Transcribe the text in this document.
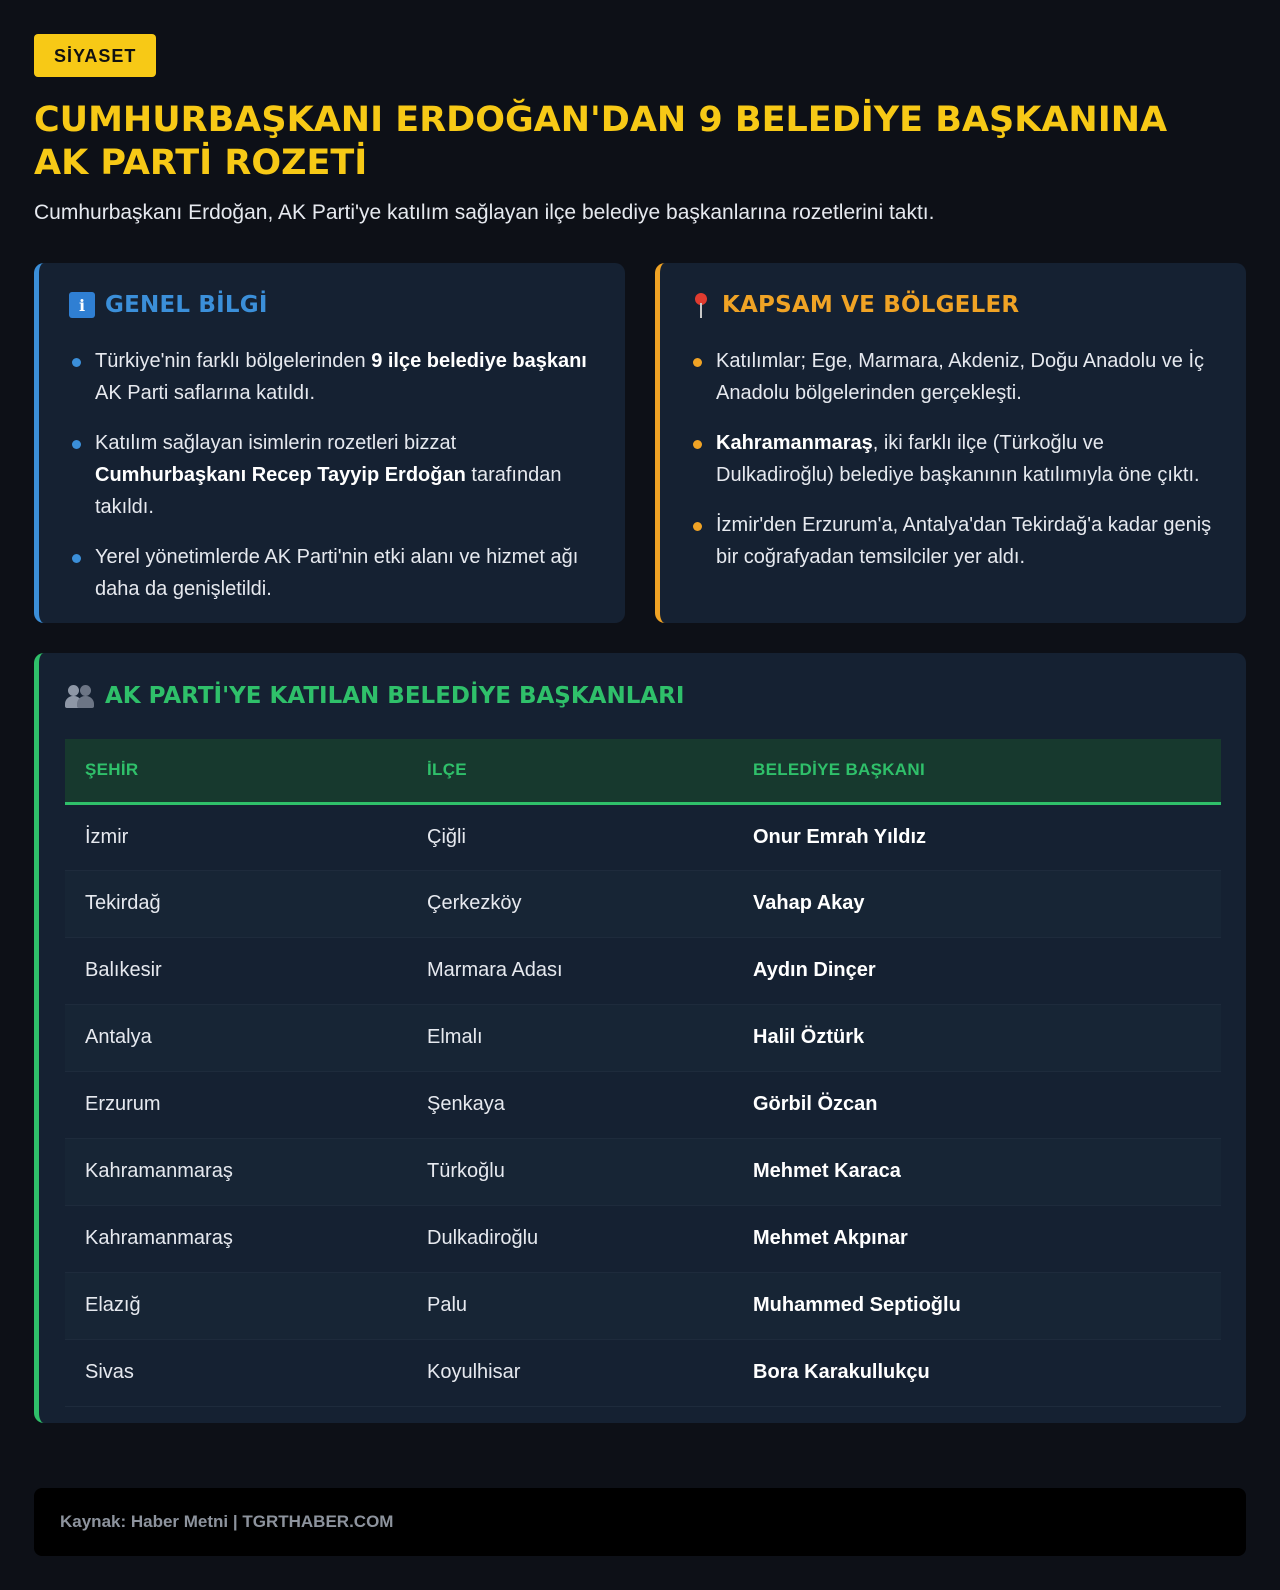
SİYASET
CUMHURBAŞKANI ERDOĞAN'DAN 9 BELEDİYE BAŞKANINA AK PARTİ ROZETİ

Cumhurbaşkanı Erdoğan, AK Parti'ye katılım sağlayan ilçe belediye başkanlarına rozetlerini taktı.

i GENEL BİLGİ
Türkiye'nin farklı bölgelerinden 9 ilçe belediye başkanı AK Parti saflarına katıldı.
Katılım sağlayan isimlerin rozetleri bizzat Cumhurbaşkanı Recep Tayyip Erdoğan tarafından takıldı.
Yerel yönetimlerde AK Parti'nin etki alanı ve hizmet ağı daha da genişletildi.
KAPSAM VE BÖLGELER
Katılımlar; Ege, Marmara, Akdeniz, Doğu Anadolu ve İç Anadolu bölgelerinden gerçekleşti.
Kahramanmaraş, iki farklı ilçe (Türkoğlu ve Dulkadiroğlu) belediye başkanının katılımıyla öne çıktı.
İzmir'den Erzurum'a, Antalya'dan Tekirdağ'a kadar geniş bir coğrafyadan temsilciler yer aldı.
AK PARTİ'YE KATILAN BELEDİYE BAŞKANLARI
ŞEHİR	İLÇE	BELEDİYE BAŞKANI
İzmir	Çiğli	Onur Emrah Yıldız
Tekirdağ	Çerkezköy	Vahap Akay
Balıkesir	Marmara Adası	Aydın Dinçer
Antalya	Elmalı	Halil Öztürk
Erzurum	Şenkaya	Görbil Özcan
Kahramanmaraş	Türkoğlu	Mehmet Karaca
Kahramanmaraş	Dulkadiroğlu	Mehmet Akpınar
Elazığ	Palu	Muhammed Septioğlu
Sivas	Koyulhisar	Bora Karakullukçu
Kaynak: Haber Metni | TGRTHABER.COM
